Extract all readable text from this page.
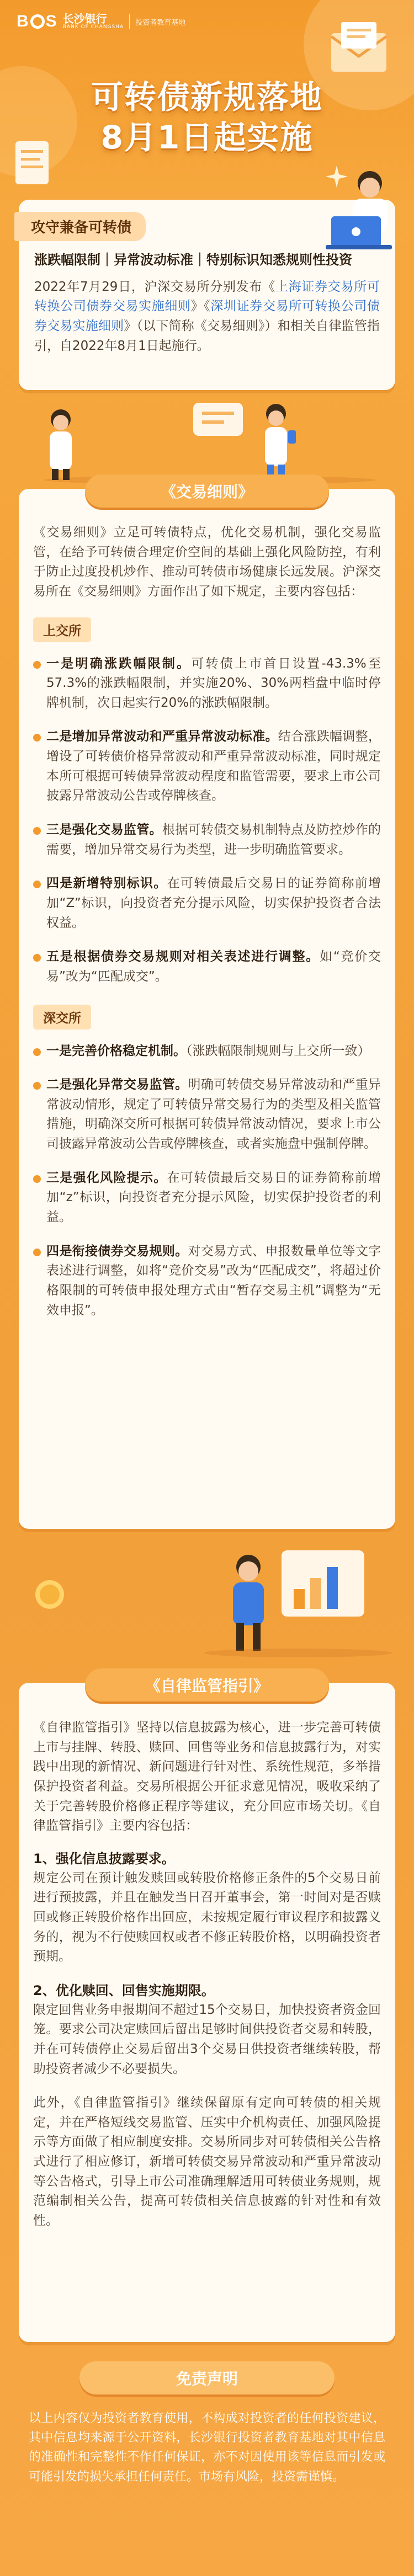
B S 长沙银行
BANK OF CHANGSHA
投资者教育基地
可转债新规落地
8月1日起实施
攻守兼备可转债
涨跌幅限制｜异常波动标准｜特别标识知悉规则性投资
2022年7月29日，沪深交易所分别发布《上海证券交易所可转换公司债券交易实施细则》《深圳证券交易所可转换公司债券交易实施细则》（以下简称《交易细则》）和相关自律监管指引，自2022年8月1日起施行。
《交易细则》
《交易细则》立足可转债特点，优化交易机制，强化交易监管，在给予可转债合理定价空间的基础上强化风险防控，有利于防止过度投机炒作、推动可转债市场健康长远发展。沪深交易所在《交易细则》方面作出了如下规定，主要内容包括：
上交所
一是明确涨跌幅限制。可转债上市首日设置-43.3%至57.3%的涨跌幅限制，并实施20%、30%两档盘中临时停牌机制，次日起实行20%的涨跌幅限制。
二是增加异常波动和严重异常波动标准。结合涨跌幅调整，增设了可转债价格异常波动和严重异常波动标准，同时规定本所可根据可转债异常波动程度和监管需要，要求上市公司披露异常波动公告或停牌核查。
三是强化交易监管。根据可转债交易机制特点及防控炒作的需要，增加异常交易行为类型，进一步明确监管要求。
四是新增特别标识。在可转债最后交易日的证券简称前增加“Z”标识，向投资者充分提示风险，切实保护投资者合法权益。
五是根据债券交易规则对相关表述进行调整。如“竞价交易”改为“匹配成交”。
深交所
一是完善价格稳定机制。（涨跌幅限制规则与上交所一致）
二是强化异常交易监管。明确可转债交易异常波动和严重异常波动情形，规定了可转债异常交易行为的类型及相关监管措施，明确深交所可根据可转债异常波动情况，要求上市公司披露异常波动公告或停牌核查，或者实施盘中强制停牌。
三是强化风险提示。在可转债最后交易日的证券简称前增加“z”标识，向投资者充分提示风险，切实保护投资者的利益。
四是衔接债券交易规则。对交易方式、申报数量单位等文字表述进行调整，如将“竞价交易”改为“匹配成交”，将超过价格限制的可转债申报处理方式由“暂存交易主机”调整为“无效申报”。
《自律监管指引》
《自律监管指引》坚持以信息披露为核心，进一步完善可转债上市与挂牌、转股、赎回、回售等业务和信息披露行为，对实践中出现的新情况、新问题进行针对性、系统性规范，多举措保护投资者利益。交易所根据公开征求意见情况，吸收采纳了关于完善转股价格修正程序等建议，充分回应市场关切。《自律监管指引》主要内容包括：
1、强化信息披露要求。
规定公司在预计触发赎回或转股价格修正条件的5个交易日前进行预披露，并且在触发当日召开董事会，第一时间对是否赎回或修正转股价格作出回应，未按规定履行审议程序和披露义务的，视为不行使赎回权或者不修正转股价格，以明确投资者预期。
2、优化赎回、回售实施期限。
限定回售业务申报期间不超过15个交易日，加快投资者资金回笼。要求公司决定赎回后留出足够时间供投资者交易和转股，并在可转债停止交易后留出3个交易日供投资者继续转股，帮助投资者减少不必要损失。
此外，《自律监管指引》继续保留原有定向可转债的相关规定，并在严格短线交易监管、压实中介机构责任、加强风险提示等方面做了相应制度安排。交易所同步对可转债相关公告格式进行了相应修订，新增可转债交易异常波动和严重异常波动等公告格式，引导上市公司准确理解适用可转债业务规则，规范编制相关公告，提高可转债相关信息披露的针对性和有效性。
免责声明
以上内容仅为投资者教育使用，不构成对投资者的任何投资建议，其中信息均来源于公开资料，长沙银行投资者教育基地对其中信息的准确性和完整性不作任何保证，亦不对因使用该等信息而引发或可能引发的损失承担任何责任。市场有风险，投资需谨慎。
